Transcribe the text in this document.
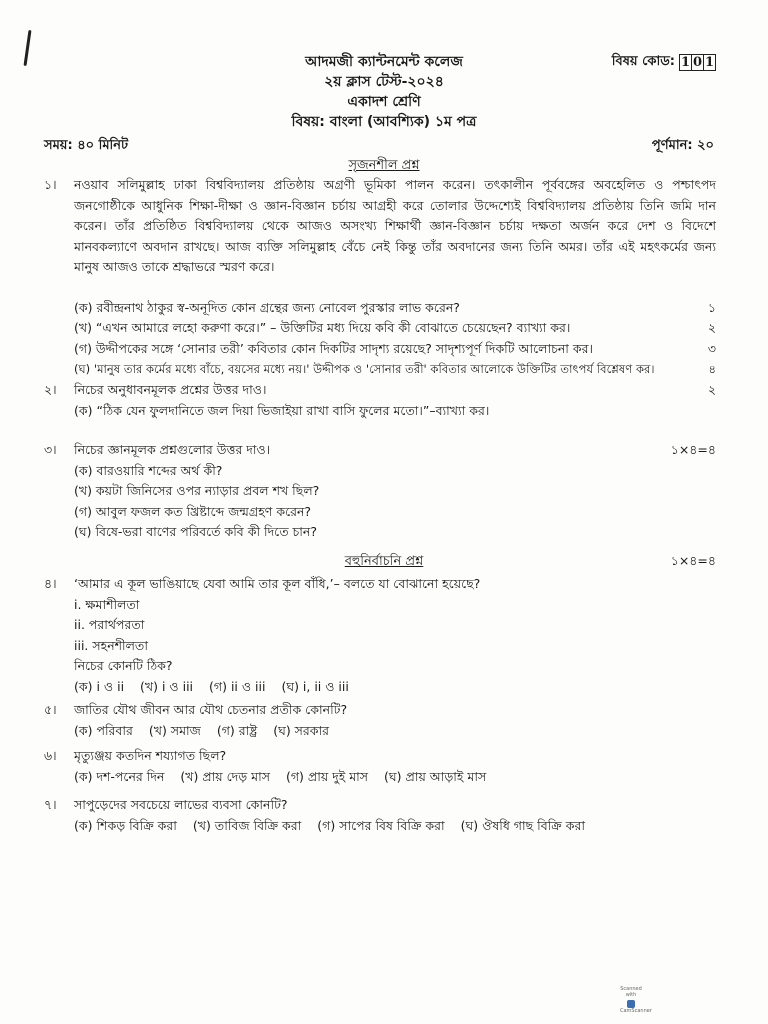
আদমজী ক্যান্টনমেন্ট কলেজ
২য় ক্লাস টেস্ট-২০২৪
একাদশ শ্রেণি
বিষয়: বাংলা (আবশ্যিক) ১ম পত্র
বিষয় কোড: 1 0 1
সময়: ৪০ মিনিট	পূর্ণমান: ২০
সৃজনশীল প্রশ্ন
১।	নওয়াব সলিমুল্লাহ ঢাকা বিশ্ববিদ্যালয় প্রতিষ্ঠায় অগ্রণী ভূমিকা পালন করেন। তৎকালীন পূর্ববঙ্গের অবহেলিত ও পশ্চাৎপদ জনগোষ্ঠীকে আধুনিক শিক্ষা-দীক্ষা ও জ্ঞান-বিজ্ঞান চর্চায় আগ্রহী করে তোলার উদ্দেশ্যেই বিশ্ববিদ্যালয় প্রতিষ্ঠায় তিনি জমি দান করেন। তাঁর প্রতিষ্ঠিত বিশ্ববিদ্যালয় থেকে আজও অসংখ্য শিক্ষার্থী জ্ঞান-বিজ্ঞান চর্চায় দক্ষতা অর্জন করে দেশ ও বিদেশে মানবকল্যাণে অবদান রাখছে। আজ ব্যক্তি সলিমুল্লাহ বেঁচে নেই কিন্তু তাঁর অবদানের জন্য তিনি অমর। তাঁর এই মহৎকর্মের জন্য মানুষ আজও তাকে শ্রদ্ধাভরে স্মরণ করে।
(ক) রবীন্দ্রনাথ ঠাকুর স্ব-অনূদিত কোন গ্রন্থের জন্য নোবেল পুরস্কার লাভ করেন?	১
(খ) “এখন আমারে লহো করুণা করে।” – উক্তিটির মধ্য দিয়ে কবি কী বোঝাতে চেয়েছেন? ব্যাখ্যা কর।	২
(গ) উদ্দীপকের সঙ্গে ‘সোনার তরী’ কবিতার কোন দিকটির সাদৃশ্য রয়েছে? সাদৃশ্যপূর্ণ দিকটি আলোচনা কর।	৩
(ঘ) 'মানুষ তার কর্মের মধ্যে বাঁচে, বয়সের মধ্যে নয়।' উদ্দীপক ও 'সোনার তরী' কবিতার আলোকে উক্তিটির তাৎপর্য বিশ্লেষণ কর।	৪
২।	নিচের অনুধাবনমূলক প্রশ্নের উত্তর দাও।	২
(ক) “ঠিক যেন ফুলদানিতে জল দিয়া ভিজাইয়া রাখা বাসি ফুলের মতো।”–ব্যাখ্যা কর।
৩।	নিচের জ্ঞানমূলক প্রশ্নগুলোর উত্তর দাও।	১×৪=৪
(ক) বারওয়ারি শব্দের অর্থ কী?
(খ) কয়টা জিনিসের ওপর ন্যাড়ার প্রবল শখ ছিল?
(গ) আবুল ফজল কত খ্রিষ্টাব্দে জন্মগ্রহণ করেন?
(ঘ) বিষে-ভরা বাণের পরিবর্তে কবি কী দিতে চান?
বহুনির্বাচনি প্রশ্ন	১×৪=৪
৪।	‘আমার এ কূল ভাঙিয়াছে যেবা আমি তার কূল বাঁধি,’– বলতে যা বোঝানো হয়েছে?
i. ক্ষমাশীলতা
ii. পরার্থপরতা
iii. সহনশীলতা
নিচের কোনটি ঠিক?
(ক) i ও ii (খ) i ও iii (গ) ii ও iii (ঘ) i, ii ও iii
৫।	জাতির যৌথ জীবন আর যৌথ চেতনার প্রতীক কোনটি?
(ক) পরিবার (খ) সমাজ (গ) রাষ্ট্র (ঘ) সরকার
৬।	মৃত্যুঞ্জয় কতদিন শয্যাগত ছিল?
(ক) দশ-পনের দিন (খ) প্রায় দেড় মাস (গ) প্রায় দুই মাস (ঘ) প্রায় আড়াই মাস
৭।	সাপুড়েদের সবচেয়ে লাভের ব্যবসা কোনটি?
(ক) শিকড় বিক্রি করা (খ) তাবিজ বিক্রি করা (গ) সাপের বিষ বিক্রি করা (ঘ) ঔষধি গাছ বিক্রি করা
Scanned with
CamScanner
